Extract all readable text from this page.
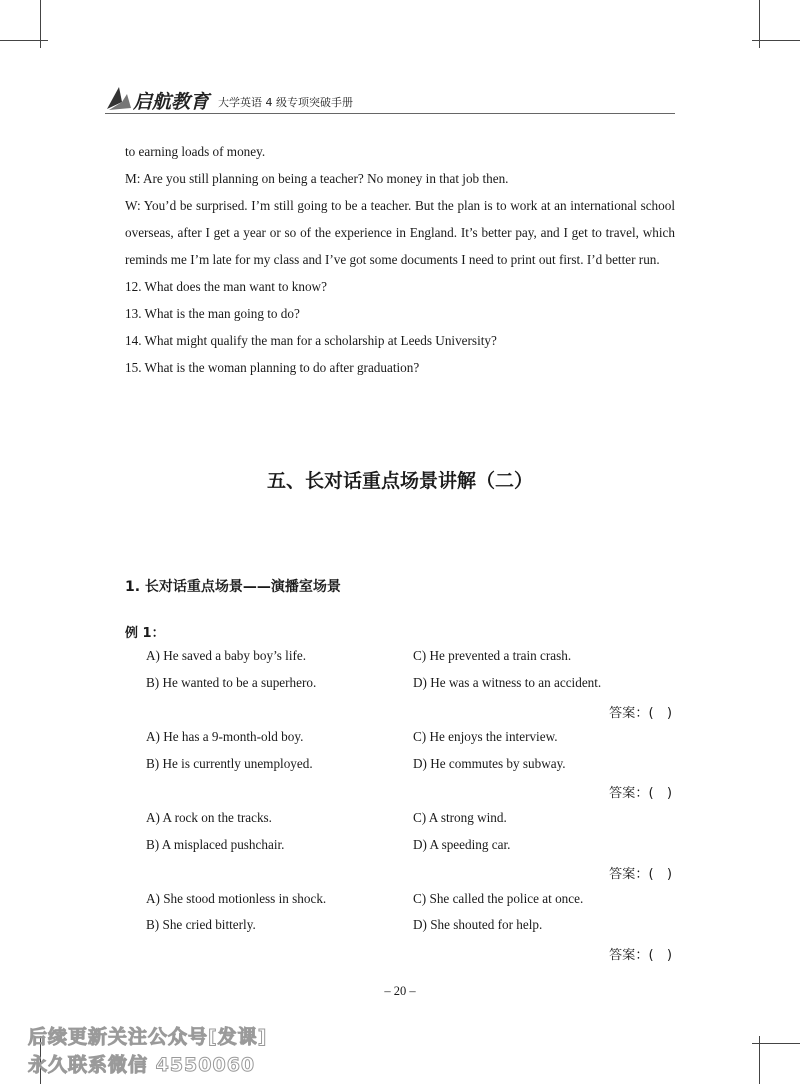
启航教育 大学英语 4 级专项突破手册

to earning loads of money.

M: Are you still planning on being a teacher? No money in that job then.

W: You’d be surprised. I’m still going to be a teacher. But the plan is to work at an international school overseas, after I get a year or so of the experience in England. It’s better pay, and I get to travel, which reminds me I’m late for my class and I’ve got some documents I need to print out first. I’d better run.

12. What does the man want to know?

13. What is the man going to do?

14. What might qualify the man for a scholarship at Leeds University?

15. What is the woman planning to do after graduation?

五、长对话重点场景讲解（二）
1. 长对话重点场景——演播室场景
例 1：
A) He saved a baby boy’s life.	C) He prevented a train crash.
B) He wanted to be a superhero.	D) He was a witness to an accident.
答案：(　)
A) He has a 9-month-old boy.	C) He enjoys the interview.
B) He is currently unemployed.	D) He commutes by subway.
答案：(　)
A) A rock on the tracks.	C) A strong wind.
B) A misplaced pushchair.	D) A speeding car.
答案：(　)
A) She stood motionless in shock.	C) She called the police at once.
B) She cried bitterly.	D) She shouted for help.
答案：(　)
– 20 –
后续更新关注公众号[发课]
永久联系微信 4550060
